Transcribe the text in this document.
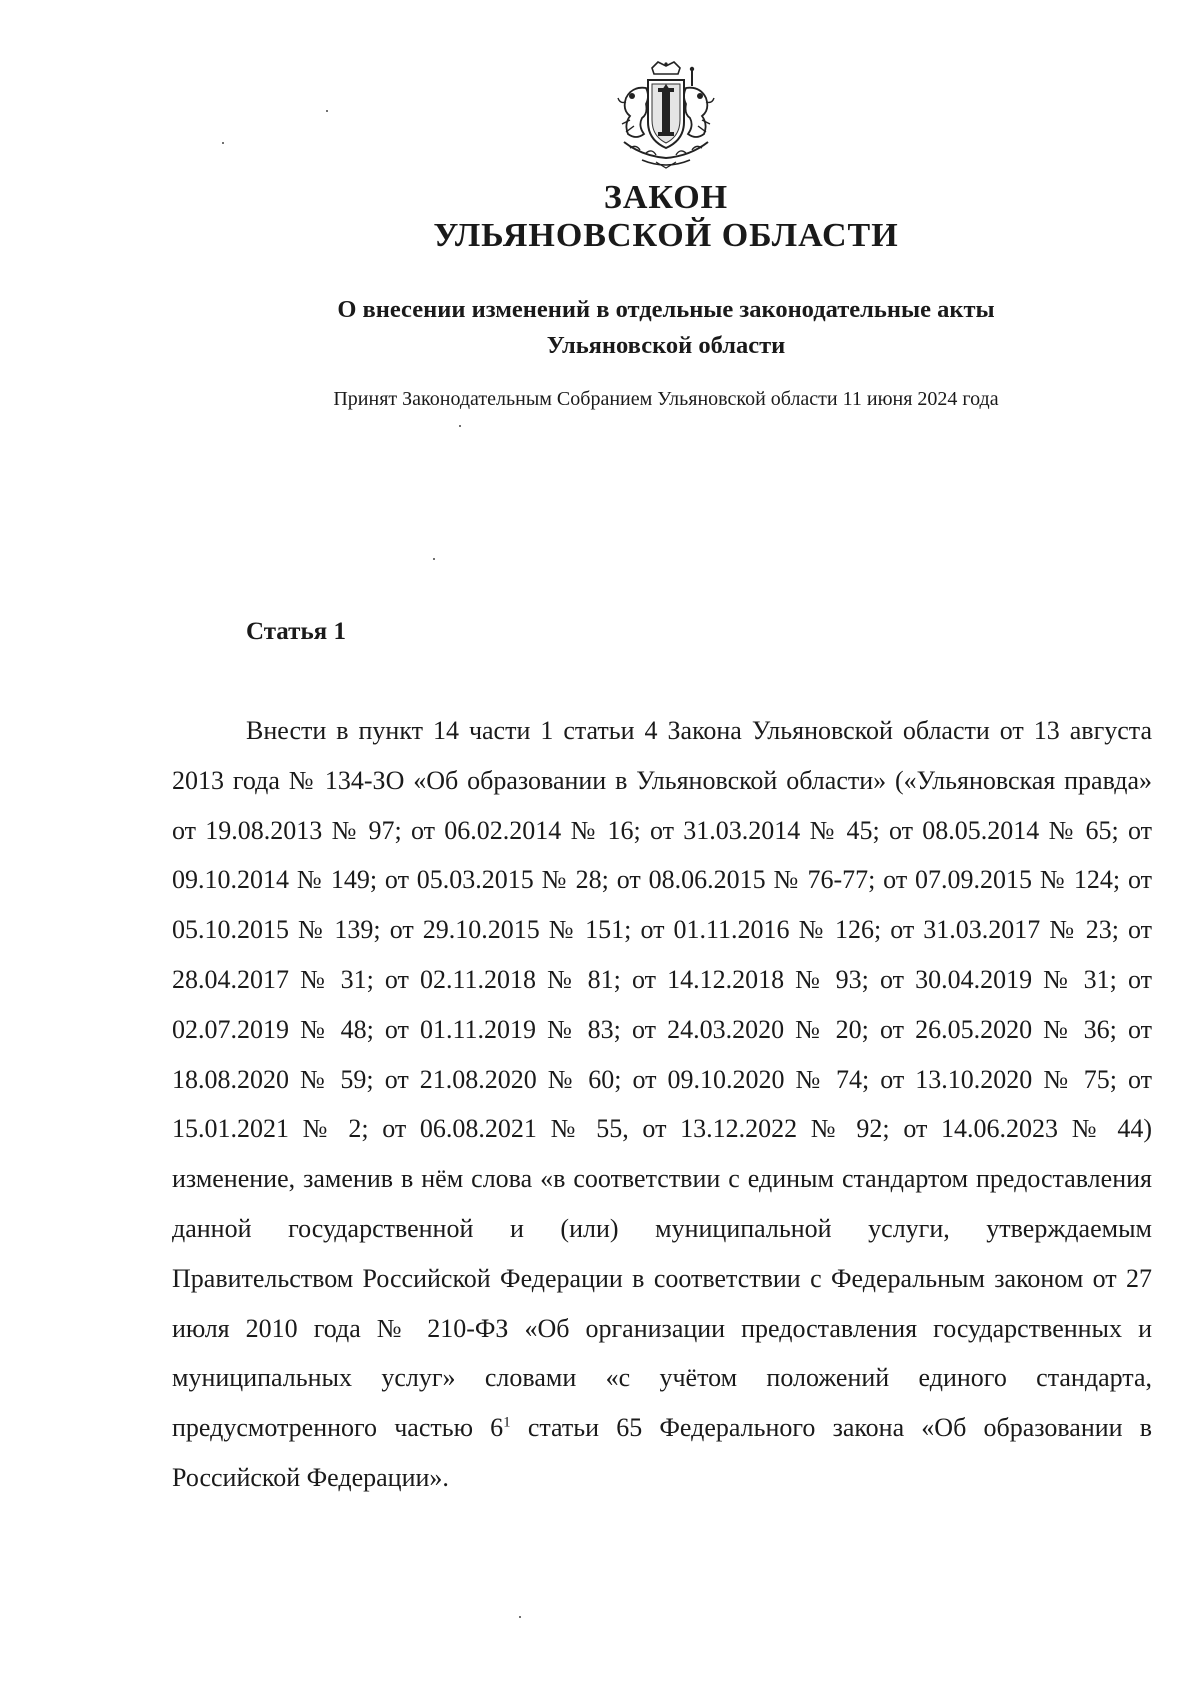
ЗАКОН
УЛЬЯНОВСКОЙ ОБЛАСТИ
О внесении изменений в отдельные законодательные акты
Ульяновской области
Принят Законодательным Собранием Ульяновской области 11 июня 2024 года
Статья 1

Внести в пункт 14 части 1 статьи 4 Закона Ульяновской области от 13 августа 2013 года № 134-ЗО «Об образовании в Ульяновской области» («Ульяновская правда» от 19.08.2013 № 97; от 06.02.2014 № 16; от 31.03.2014 № 45; от 08.05.2014 № 65; от 09.10.2014 № 149; от 05.03.2015 № 28; от 08.06.2015 № 76-77; от 07.09.2015 № 124; от 05.10.2015 № 139; от 29.10.2015 № 151; от 01.11.2016 № 126; от 31.03.2017 № 23; от 28.04.2017 № 31; от 02.11.2018 № 81; от 14.12.2018 № 93; от 30.04.2019 № 31; от 02.07.2019 № 48; от 01.11.2019 № 83; от 24.03.2020 № 20; от 26.05.2020 № 36; от 18.08.2020 № 59; от 21.08.2020 № 60; от 09.10.2020 № 74; от 13.10.2020 № 75; от 15.01.2021 № 2; от 06.08.2021 № 55, от 13.12.2022 № 92; от 14.06.2023 № 44) изменение, заменив в нём слова «в соответствии с единым стандартом предоставления данной государственной и (или) муниципальной услуги, утверждаемым Правительством Российской Федерации в соответствии с Федеральным законом от 27 июля 2010 года № 210-ФЗ «Об организации предоставления государственных и муниципальных услуг» словами «с учётом положений единого стандарта, предусмотренного частью $6^1$ статьи 65 Федерального закона «Об образовании в Российской Федерации».
